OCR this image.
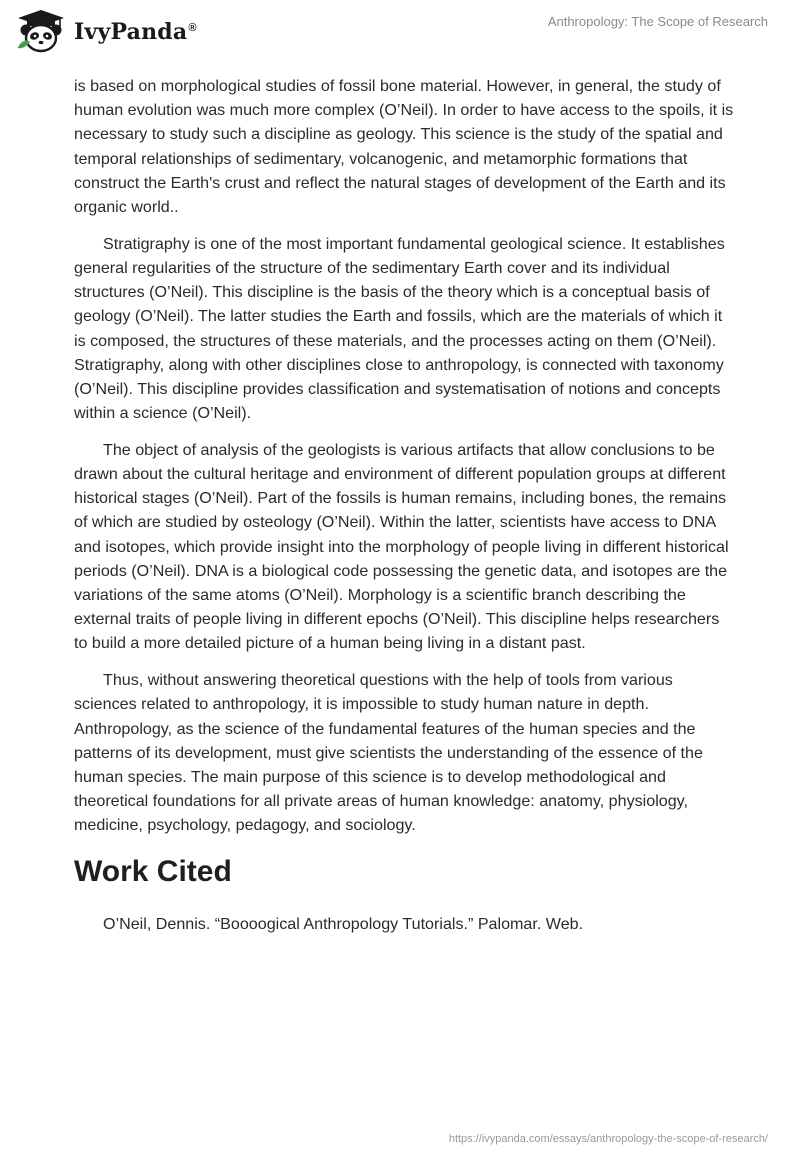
IvyPanda®	Anthropology: The Scope of Research

is based on morphological studies of fossil bone material. However, in general, the study of human evolution was much more complex (O’Neil). In order to have access to the spoils, it is necessary to study such a discipline as geology. This science is the study of the spatial and temporal relationships of sedimentary, volcanogenic, and metamorphic formations that construct the Earth's crust and reflect the natural stages of development of the Earth and its organic world..

Stratigraphy is one of the most important fundamental geological science. It establishes general regularities of the structure of the sedimentary Earth cover and its individual structures (O’Neil). This discipline is the basis of the theory which is a conceptual basis of geology (O’Neil). The latter studies the Earth and fossils, which are the materials of which it is composed, the structures of these materials, and the processes acting on them (O’Neil). Stratigraphy, along with other disciplines close to anthropology, is connected with taxonomy (O’Neil). This discipline provides classification and systematisation of notions and concepts within a science (O’Neil).

The object of analysis of the geologists is various artifacts that allow conclusions to be drawn about the cultural heritage and environment of different population groups at different historical stages (O’Neil). Part of the fossils is human remains, including bones, the remains of which are studied by osteology (O’Neil). Within the latter, scientists have access to DNA and isotopes, which provide insight into the morphology of people living in different historical periods (O’Neil). DNA is a biological code possessing the genetic data, and isotopes are the variations of the same atoms (O’Neil). Morphology is a scientific branch describing the external traits of people living in different epochs (O’Neil). This discipline helps researchers to build a more detailed picture of a human being living in a distant past.

Thus, without answering theoretical questions with the help of tools from various sciences related to anthropology, it is impossible to study human nature in depth. Anthropology, as the science of the fundamental features of the human species and the patterns of its development, must give scientists the understanding of the essence of the human species. The main purpose of this science is to develop methodological and theoretical foundations for all private areas of human knowledge: anatomy, physiology, medicine, psychology, pedagogy, and sociology.

Work Cited

O’Neil, Dennis. “Boooogical Anthropology Tutorials.” Palomar. Web.

https://ivypanda.com/essays/anthropology-the-scope-of-research/
